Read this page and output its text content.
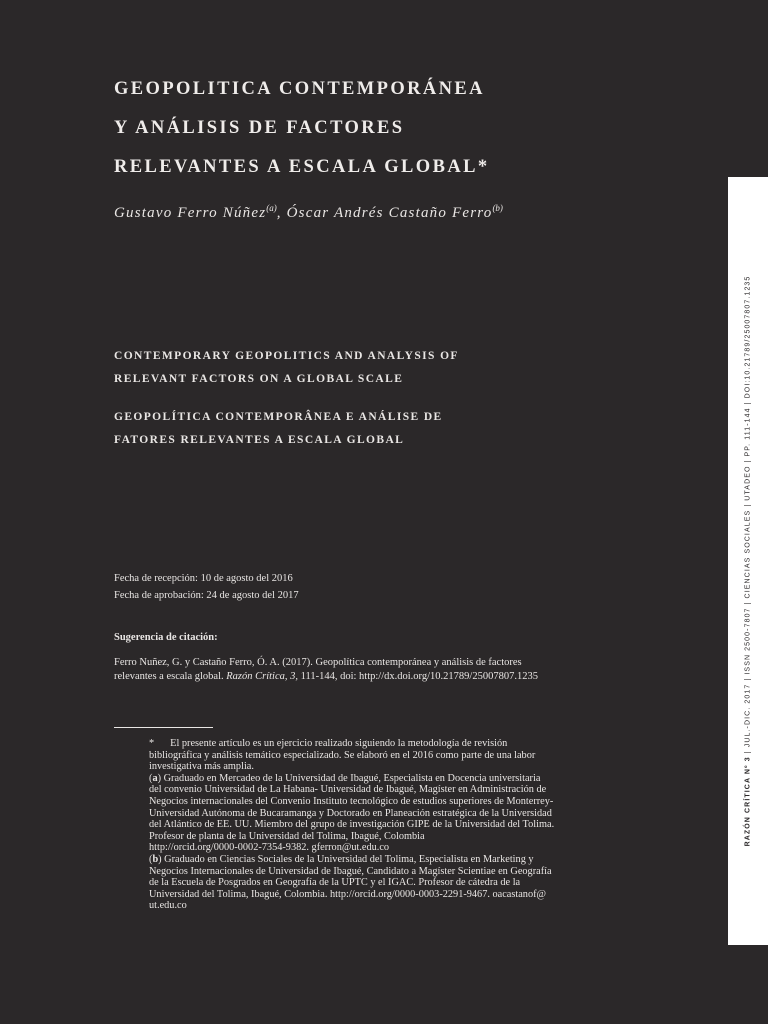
GEOPOLITICA CONTEMPORÁNEA
Y ANÁLISIS DE FACTORES
RELEVANTES A ESCALA GLOBAL*
Gustavo Ferro Núñez$^{(a)}$, Óscar Andrés Castaño Ferro$^{(b)}$
CONTEMPORARY GEOPOLITICS AND ANALYSIS OF
RELEVANT FACTORS ON A GLOBAL SCALE
GEOPOLÍTICA CONTEMPORÂNEA E ANÁLISE DE
FATORES RELEVANTES A ESCALA GLOBAL
Fecha de recepción: 10 de agosto del 2016
Fecha de aprobación: 24 de agosto del 2017
Sugerencia de citación:
Ferro Nuñez, G. y Castaño Ferro, Ó. A. (2017). Geopolítica contemporánea y análisis de factores
relevantes a escala global. Razón Crítica, 3, 111-144, doi: http://dx.doi.org/10.21789/25007807.1235
* El presente artículo es un ejercicio realizado siguiendo la metodología de revisión
bibliográfica y análisis temático especializado. Se elaboró en el 2016 como parte de una labor
investigativa más amplia.
(a) Graduado en Mercadeo de la Universidad de Ibagué, Especialista en Docencia universitaria
del convenio Universidad de La Habana- Universidad de Ibagué, Magíster en Administración de
Negocios internacionales del Convenio Instituto tecnológico de estudios superiores de Monterrey-
Universidad Autónoma de Bucaramanga y Doctorado en Planeación estratégica de la Universidad
del Atlántico de EE. UU. Miembro del grupo de investigación GIPE de la Universidad del Tolima.
Profesor de planta de la Universidad del Tolima, Ibagué, Colombia
http://orcid.org/0000-0002-7354-9382. gferron@ut.edu.co
(b) Graduado en Ciencias Sociales de la Universidad del Tolima, Especialista en Marketing y
Negocios Internacionales de Universidad de Ibagué, Candidato a Magíster Scientiae en Geografía
de la Escuela de Posgrados en Geografía de la UPTC y el IGAC. Profesor de cátedra de la
Universidad del Tolima, Ibagué, Colombia. http://orcid.org/0000-0003-2291-9467. oacastanof@
ut.edu.co
RAZÓN CRÍTICA Nº 3 | JUL.-DIC. 2017 | ISSN 2500-7807 | CIENCIAS SOCIALES | UTADEO | PP. 111-144 | DOI:10.21789/25007807.1235
